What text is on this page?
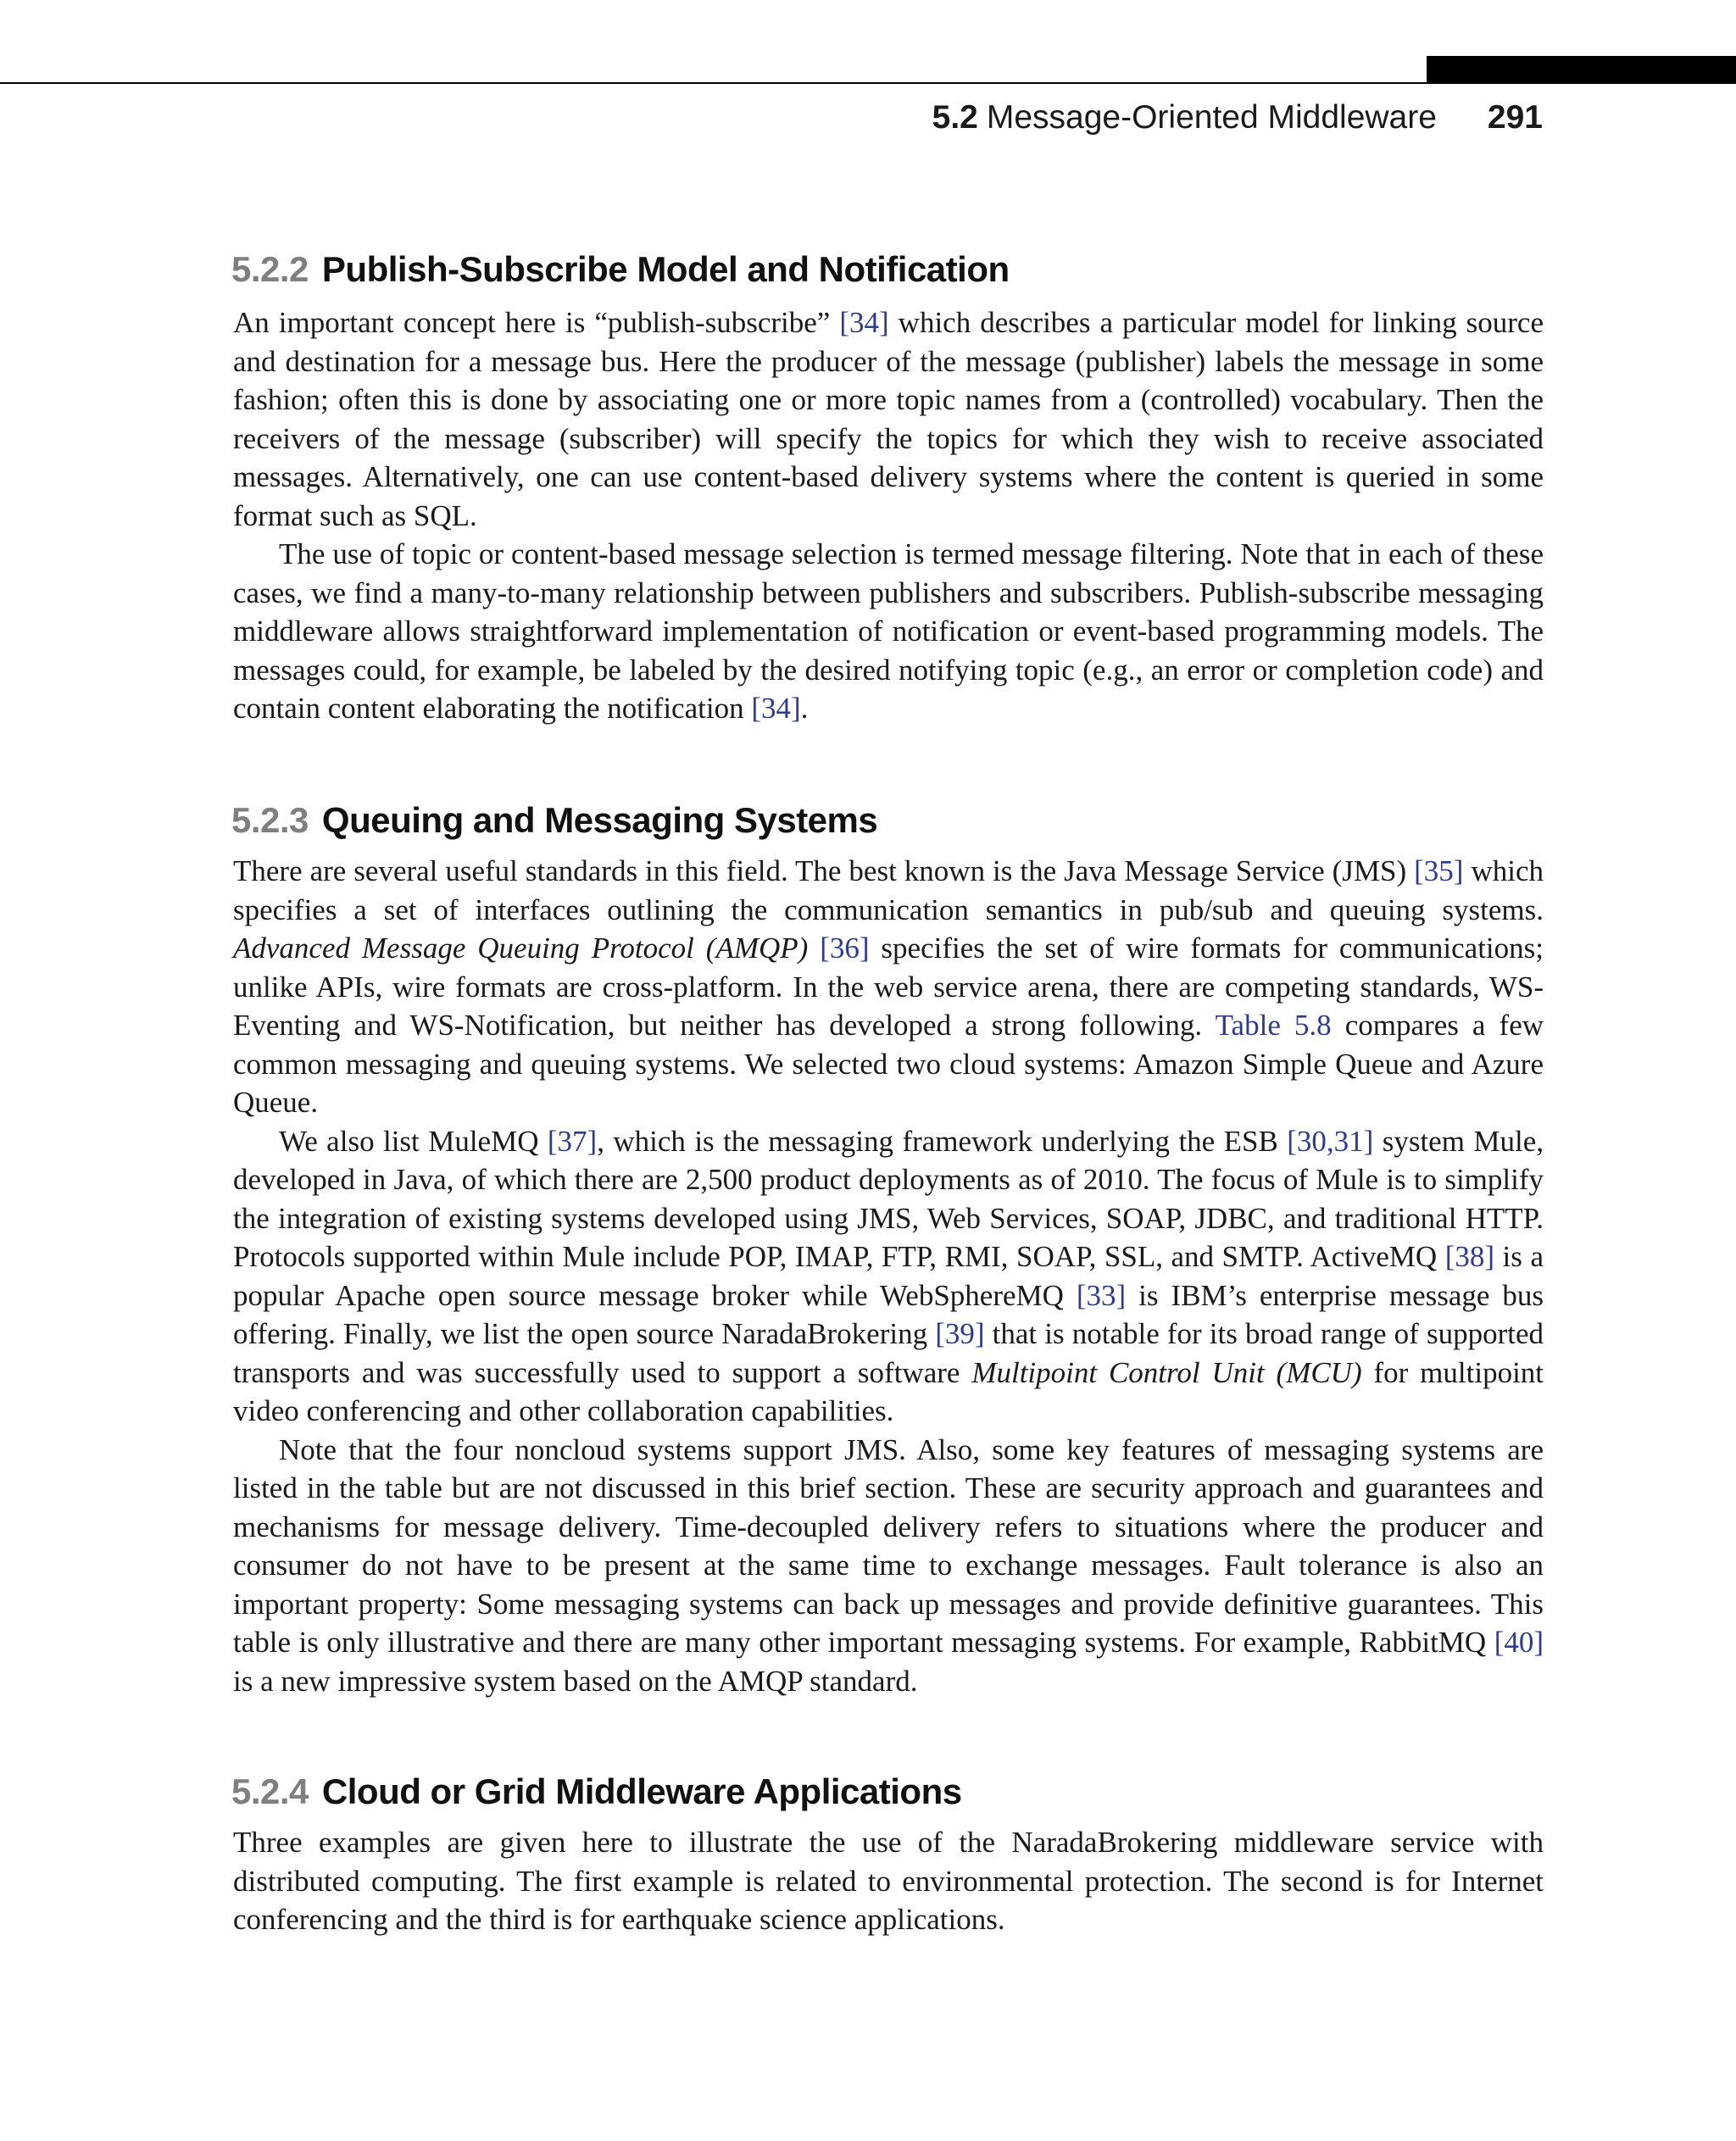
5.2 Message-Oriented Middleware 291
5.2.2 Publish-Subscribe Model and Notification

An important concept here is “publish-subscribe” [34] which describes a particular model for linking source and destination for a message bus. Here the producer of the message (publisher) labels the message in some fashion; often this is done by associating one or more topic names from a (controlled) vocabulary. Then the receivers of the message (subscriber) will specify the topics for which they wish to receive associated messages. Alternatively, one can use content-based delivery systems where the content is queried in some format such as SQL.

The use of topic or content-based message selection is termed message filtering. Note that in each of these cases, we find a many-to-many relationship between publishers and subscribers. Publish-subscribe messaging middleware allows straightforward implementation of notification or event-based programming models. The messages could, for example, be labeled by the desired notifying topic (e.g., an error or completion code) and contain content elaborating the notification [34].

5.2.3 Queuing and Messaging Systems

There are several useful standards in this field. The best known is the Java Message Service (JMS) [35] which specifies a set of interfaces outlining the communication semantics in pub/sub and queuing systems. Advanced Message Queuing Protocol (AMQP) [36] specifies the set of wire formats for communications; unlike APIs, wire formats are cross-platform. In the web service arena, there are competing standards, WS-Eventing and WS-Notification, but neither has developed a strong following. Table 5.8 compares a few common messaging and queuing systems. We selected two cloud systems: Amazon Simple Queue and Azure Queue.

We also list MuleMQ [37], which is the messaging framework underlying the ESB [30,31] system Mule, developed in Java, of which there are 2,500 product deployments as of 2010. The focus of Mule is to simplify the integration of existing systems developed using JMS, Web Services, SOAP, JDBC, and traditional HTTP. Protocols supported within Mule include POP, IMAP, FTP, RMI, SOAP, SSL, and SMTP. ActiveMQ [38] is a popular Apache open source message broker while WebSphereMQ [33] is IBM’s enterprise message bus offering. Finally, we list the open source NaradaBrokering [39] that is notable for its broad range of supported transports and was successfully used to support a software Multipoint Control Unit (MCU) for multipoint video conferencing and other collaboration capabilities.

Note that the four noncloud systems support JMS. Also, some key features of messaging systems are listed in the table but are not discussed in this brief section. These are security approach and guarantees and mechanisms for message delivery. Time-decoupled delivery refers to situations where the producer and consumer do not have to be present at the same time to exchange messages. Fault tolerance is also an important property: Some messaging systems can back up messages and provide definitive guarantees. This table is only illustrative and there are many other important messaging systems. For example, RabbitMQ [40] is a new impressive system based on the AMQP standard.

5.2.4 Cloud or Grid Middleware Applications

Three examples are given here to illustrate the use of the NaradaBrokering middleware service with distributed computing. The first example is related to environmental protection. The second is for Internet conferencing and the third is for earthquake science applications.
